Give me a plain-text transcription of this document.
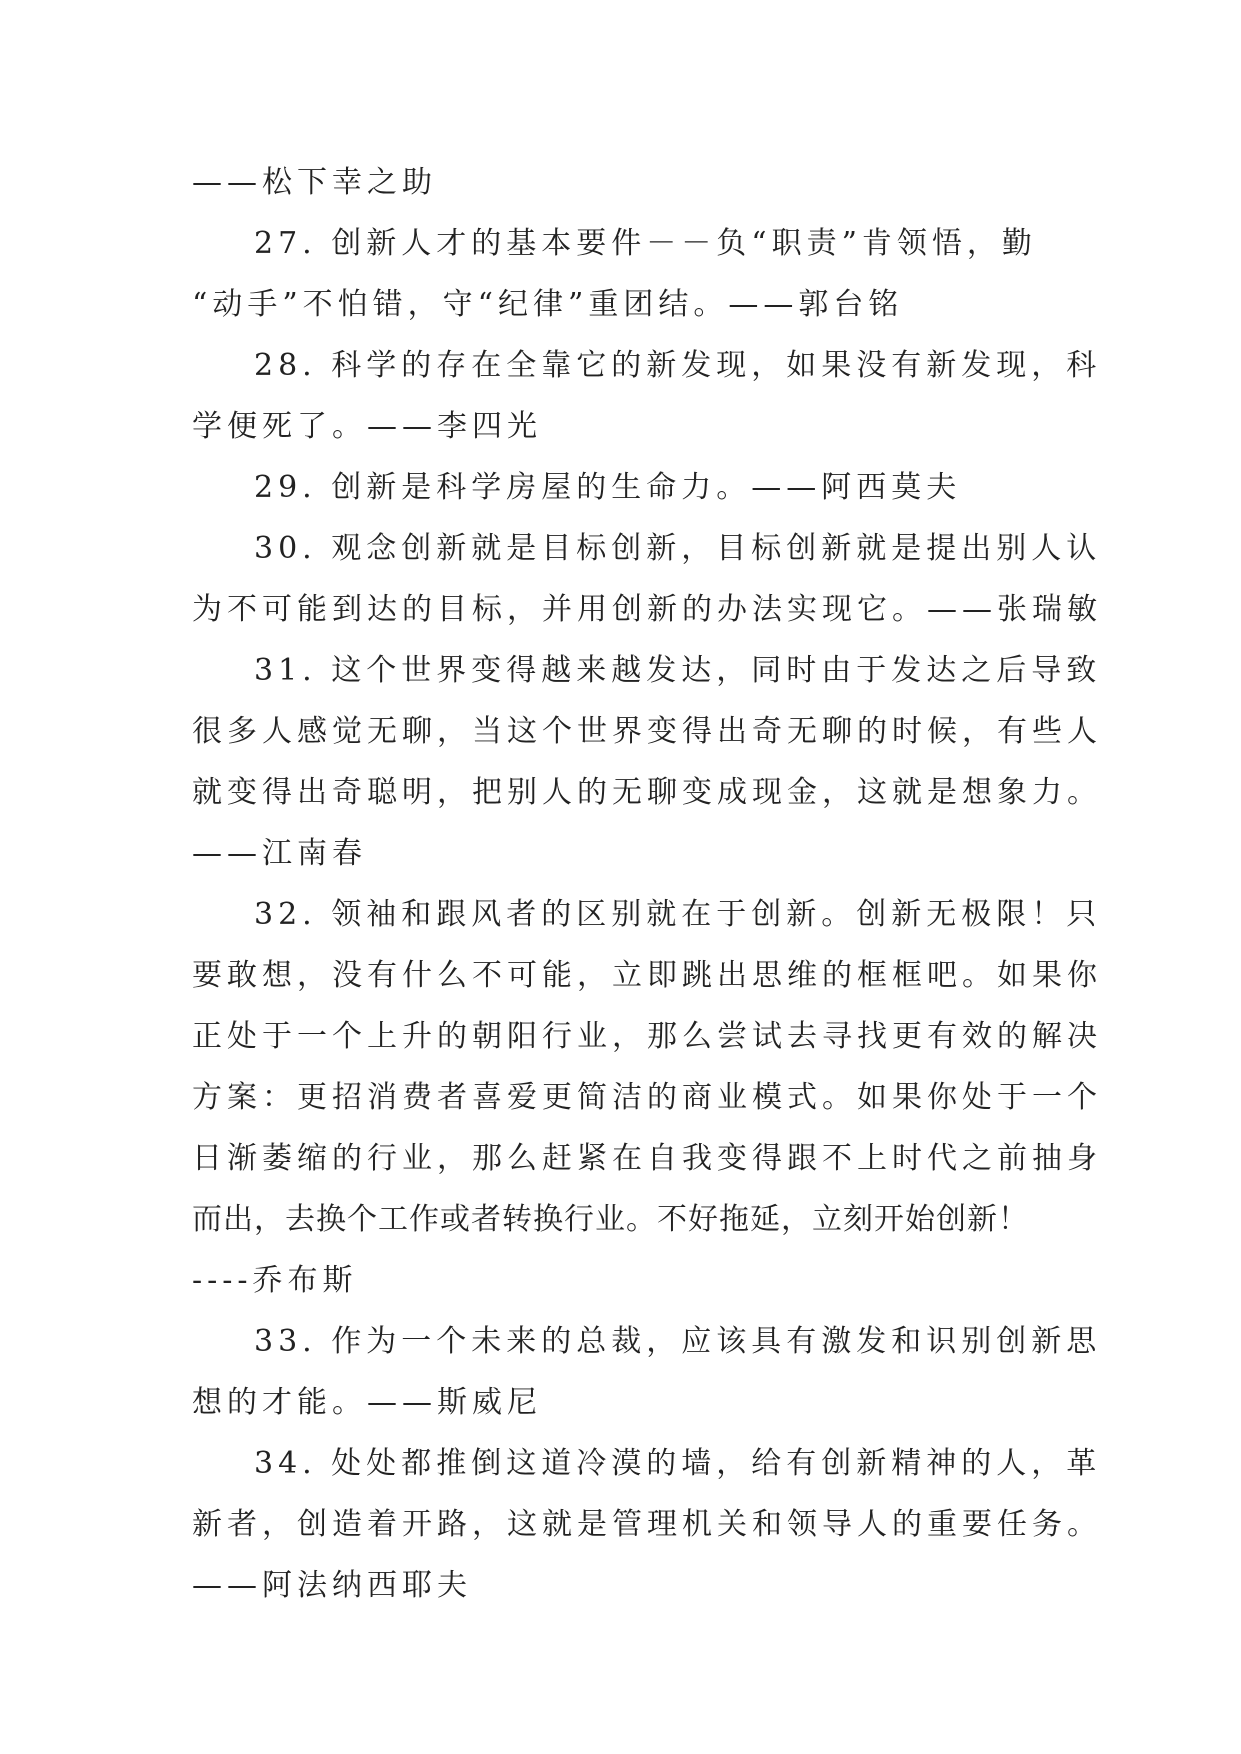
——松下幸之助
27. 创新人才的基本要件－－负“职责”肯领悟，勤
“动手”不怕错，守“纪律”重团结。——郭台铭
28. 科学的存在全靠它的新发现，如果没有新发现，科
学便死了。——李四光
29. 创新是科学房屋的生命力。——阿西莫夫
30. 观念创新就是目标创新，目标创新就是提出别人认
为不可能到达的目标，并用创新的办法实现它。——张瑞敏
31. 这个世界变得越来越发达，同时由于发达之后导致
很多人感觉无聊，当这个世界变得出奇无聊的时候，有些人
就变得出奇聪明，把别人的无聊变成现金，这就是想象力。
——江南春
32. 领袖和跟风者的区别就在于创新。创新无极限！只
要敢想，没有什么不可能，立即跳出思维的框框吧。如果你
正处于一个上升的朝阳行业，那么尝试去寻找更有效的解决
方案：更招消费者喜爱更简洁的商业模式。如果你处于一个
日渐萎缩的行业，那么赶紧在自我变得跟不上时代之前抽身
而出，去换个工作或者转换行业。不好拖延，立刻开始创新！
----乔布斯
33. 作为一个未来的总裁，应该具有激发和识别创新思
想的才能。——斯威尼
34. 处处都推倒这道冷漠的墙，给有创新精神的人，革
新者，创造着开路，这就是管理机关和领导人的重要任务。
——阿法纳西耶夫
